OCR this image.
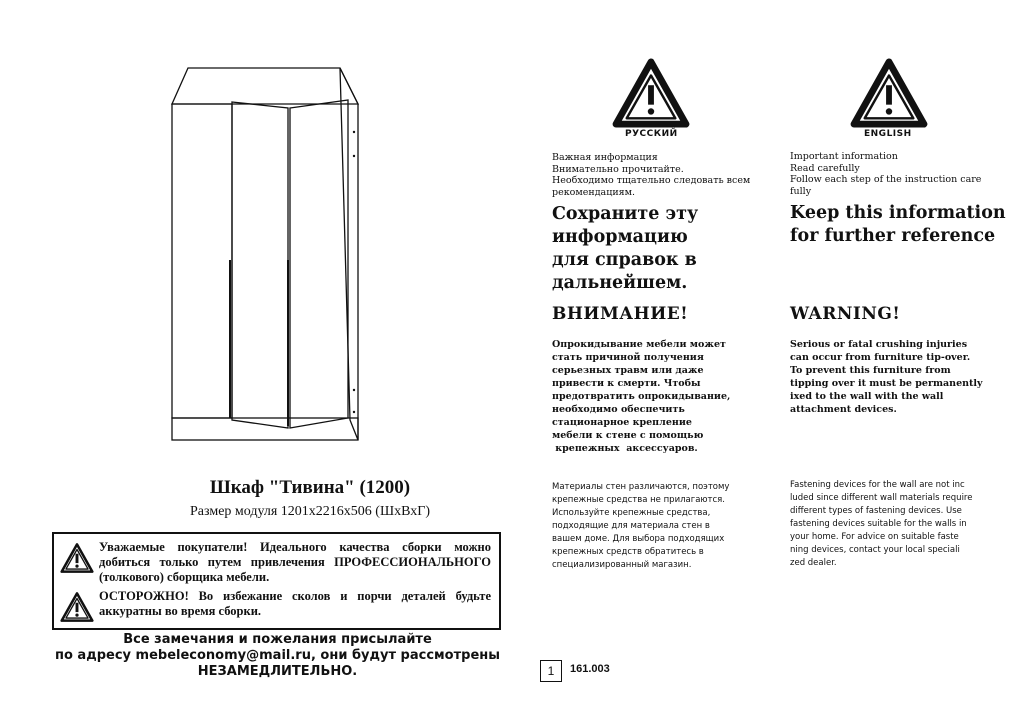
Шкаф "Тивина" (1200)
Размер модуля 1201х2216х506 (ШхВхГ)
Уважаемые покупатели! Идеального качества сборки можно добиться только путем привлечения ПРОФЕССИОНАЛЬНОГО (толкового) сборщика мебели.
ОСТОРОЖНО! Во избежание сколов и порчи деталей будьте аккуратны во время сборки.
Все замечания и пожелания присылайте
по адресу mebeleconomy@mail.ru, они будут рассмотрены
НЕЗАМЕДЛИТЕЛЬНО.
РУССКИЙ
Важная информация
Внимательно прочитайте.
Необходимо тщательно следовать всем
рекомендациям.
Сохраните эту
информацию
для справок в
дальнейшем.
ВНИМАНИЕ!
Опрокидывание мебели может
стать причиной получения
серьезных травм или даже
привести к смерти. Чтобы
предотвратить опрокидывание,
необходимо обеспечить
стационарное крепление
мебели к стене с помощью
крепежных  аксессуаров.
Материалы стен различаются, поэтому
крепежные средства не прилагаются.
Используйте крепежные средства,
подходящие для материала стен в
вашем доме. Для выбора подходящих
крепежных средств обратитесь в
специализированный магазин.
ENGLISH
Important information
Read carefully
Follow each step of the instruction care
fully
Keep this information
for further reference
WARNING!
Serious or fatal crushing injuries
can occur from furniture tip-over.
To prevent this furniture from
tipping over it must be permanently
ixed to the wall with the wall
attachment devices.
Fastening devices for the wall are not inc
luded since different wall materials require
different types of fastening devices. Use
fastening devices suitable for the walls in
your home. For advice on suitable faste
ning devices, contact your local speciali
zed dealer.
1	161.003
